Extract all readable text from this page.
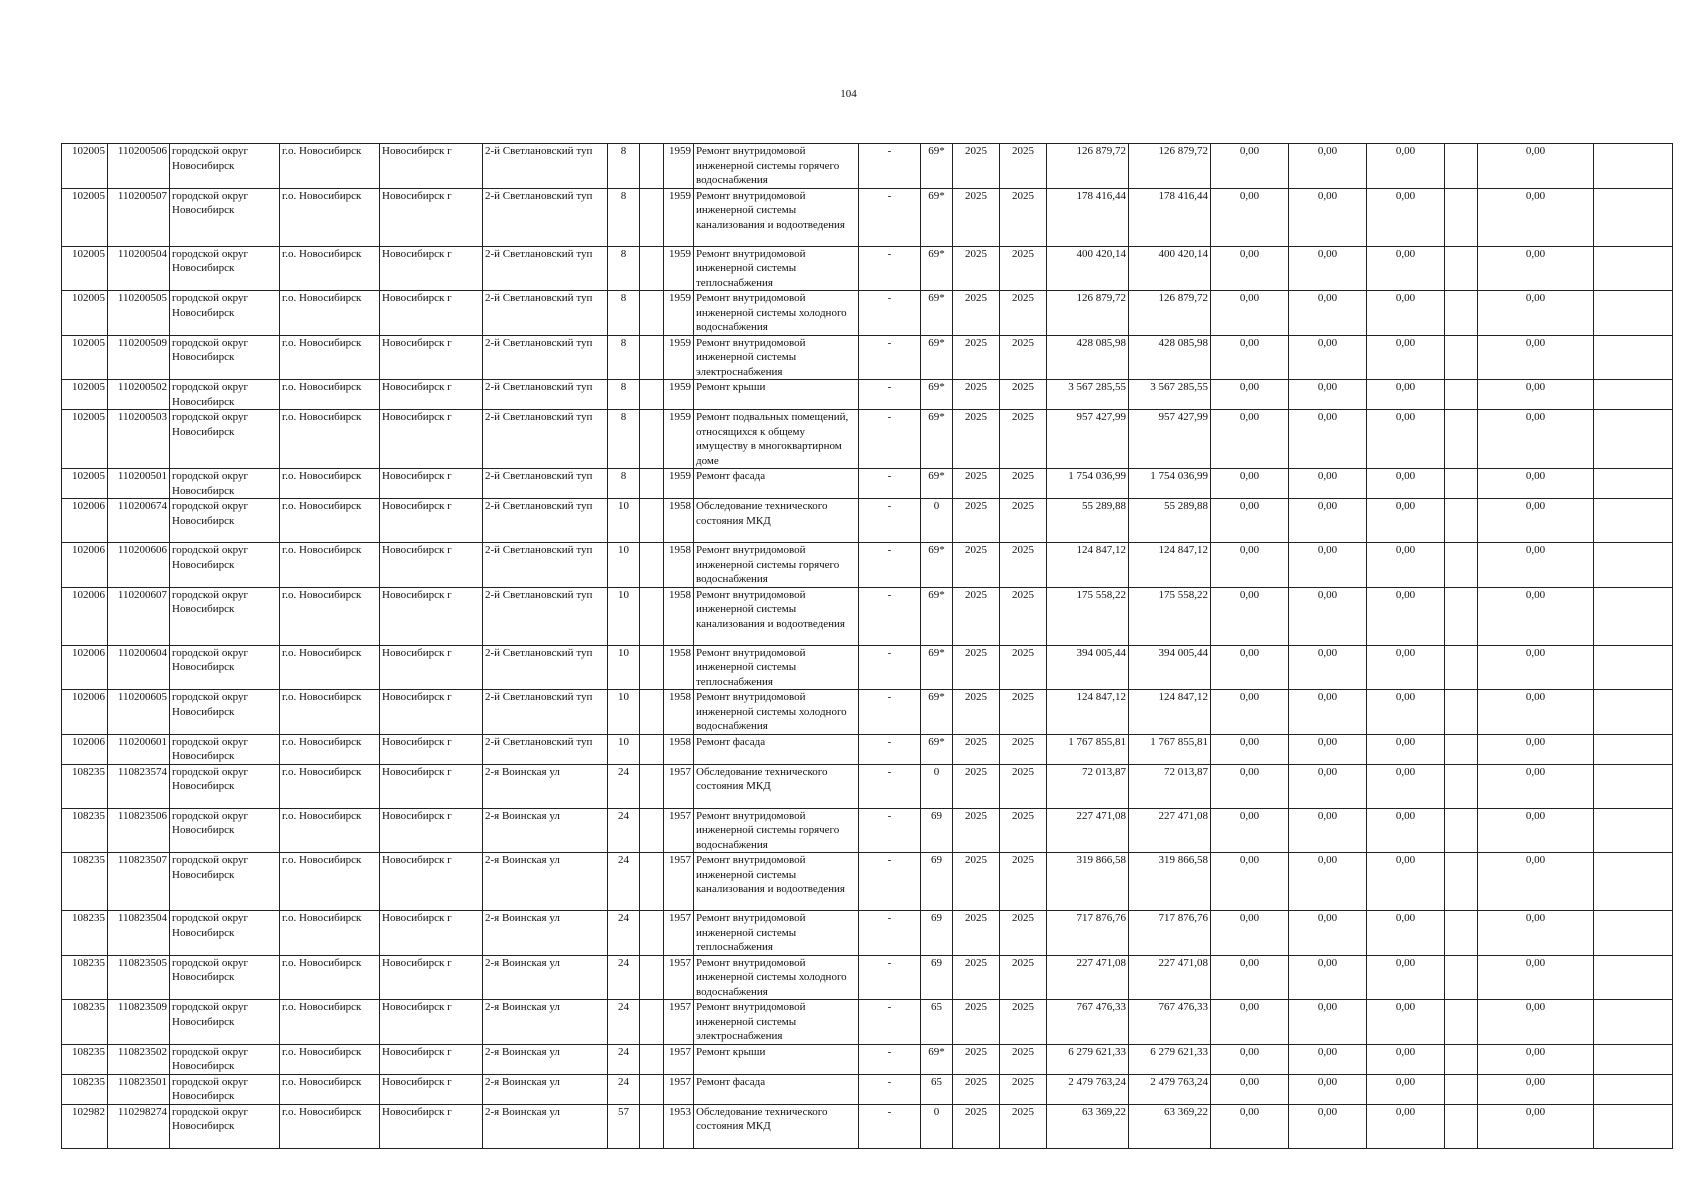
104
102005	110200506	городской округ Новосибирск	г.о. Новосибирск	Новосибирск г	2-й Светлановский туп	8		1959	Ремонт внутридомовой инженерной системы горячего водоснабжения	-	69*	2025	2025	126 879,72	126 879,72	0,00	0,00	0,00		0,00	
102005	110200507	городской округ Новосибирск	г.о. Новосибирск	Новосибирск г	2-й Светлановский туп	8		1959	Ремонт внутридомовой инженерной системы канализования и водоотведения	-	69*	2025	2025	178 416,44	178 416,44	0,00	0,00	0,00		0,00	
102005	110200504	городской округ Новосибирск	г.о. Новосибирск	Новосибирск г	2-й Светлановский туп	8		1959	Ремонт внутридомовой инженерной системы теплоснабжения	-	69*	2025	2025	400 420,14	400 420,14	0,00	0,00	0,00		0,00	
102005	110200505	городской округ Новосибирск	г.о. Новосибирск	Новосибирск г	2-й Светлановский туп	8		1959	Ремонт внутридомовой инженерной системы холодного водоснабжения	-	69*	2025	2025	126 879,72	126 879,72	0,00	0,00	0,00		0,00	
102005	110200509	городской округ Новосибирск	г.о. Новосибирск	Новосибирск г	2-й Светлановский туп	8		1959	Ремонт внутридомовой инженерной системы электроснабжения	-	69*	2025	2025	428 085,98	428 085,98	0,00	0,00	0,00		0,00	
102005	110200502	городской округ Новосибирск	г.о. Новосибирск	Новосибирск г	2-й Светлановский туп	8		1959	Ремонт крыши	-	69*	2025	2025	3 567 285,55	3 567 285,55	0,00	0,00	0,00		0,00	
102005	110200503	городской округ Новосибирск	г.о. Новосибирск	Новосибирск г	2-й Светлановский туп	8		1959	Ремонт подвальных помещений, относящихся к общему имуществу в многоквартирном доме	-	69*	2025	2025	957 427,99	957 427,99	0,00	0,00	0,00		0,00	
102005	110200501	городской округ Новосибирск	г.о. Новосибирск	Новосибирск г	2-й Светлановский туп	8		1959	Ремонт фасада	-	69*	2025	2025	1 754 036,99	1 754 036,99	0,00	0,00	0,00		0,00	
102006	110200674	городской округ Новосибирск	г.о. Новосибирск	Новосибирск г	2-й Светлановский туп	10		1958	Обследование технического состояния МКД	-	0	2025	2025	55 289,88	55 289,88	0,00	0,00	0,00		0,00	
102006	110200606	городской округ Новосибирск	г.о. Новосибирск	Новосибирск г	2-й Светлановский туп	10		1958	Ремонт внутридомовой инженерной системы горячего водоснабжения	-	69*	2025	2025	124 847,12	124 847,12	0,00	0,00	0,00		0,00	
102006	110200607	городской округ Новосибирск	г.о. Новосибирск	Новосибирск г	2-й Светлановский туп	10		1958	Ремонт внутридомовой инженерной системы канализования и водоотведения	-	69*	2025	2025	175 558,22	175 558,22	0,00	0,00	0,00		0,00	
102006	110200604	городской округ Новосибирск	г.о. Новосибирск	Новосибирск г	2-й Светлановский туп	10		1958	Ремонт внутридомовой инженерной системы теплоснабжения	-	69*	2025	2025	394 005,44	394 005,44	0,00	0,00	0,00		0,00	
102006	110200605	городской округ Новосибирск	г.о. Новосибирск	Новосибирск г	2-й Светлановский туп	10		1958	Ремонт внутридомовой инженерной системы холодного водоснабжения	-	69*	2025	2025	124 847,12	124 847,12	0,00	0,00	0,00		0,00	
102006	110200601	городской округ Новосибирск	г.о. Новосибирск	Новосибирск г	2-й Светлановский туп	10		1958	Ремонт фасада	-	69*	2025	2025	1 767 855,81	1 767 855,81	0,00	0,00	0,00		0,00	
108235	110823574	городской округ Новосибирск	г.о. Новосибирск	Новосибирск г	2-я Воинская ул	24		1957	Обследование технического состояния МКД	-	0	2025	2025	72 013,87	72 013,87	0,00	0,00	0,00		0,00	
108235	110823506	городской округ Новосибирск	г.о. Новосибирск	Новосибирск г	2-я Воинская ул	24		1957	Ремонт внутридомовой инженерной системы горячего водоснабжения	-	69	2025	2025	227 471,08	227 471,08	0,00	0,00	0,00		0,00	
108235	110823507	городской округ Новосибирск	г.о. Новосибирск	Новосибирск г	2-я Воинская ул	24		1957	Ремонт внутридомовой инженерной системы канализования и водоотведения	-	69	2025	2025	319 866,58	319 866,58	0,00	0,00	0,00		0,00	
108235	110823504	городской округ Новосибирск	г.о. Новосибирск	Новосибирск г	2-я Воинская ул	24		1957	Ремонт внутридомовой инженерной системы теплоснабжения	-	69	2025	2025	717 876,76	717 876,76	0,00	0,00	0,00		0,00	
108235	110823505	городской округ Новосибирск	г.о. Новосибирск	Новосибирск г	2-я Воинская ул	24		1957	Ремонт внутридомовой инженерной системы холодного водоснабжения	-	69	2025	2025	227 471,08	227 471,08	0,00	0,00	0,00		0,00	
108235	110823509	городской округ Новосибирск	г.о. Новосибирск	Новосибирск г	2-я Воинская ул	24		1957	Ремонт внутридомовой инженерной системы электроснабжения	-	65	2025	2025	767 476,33	767 476,33	0,00	0,00	0,00		0,00	
108235	110823502	городской округ Новосибирск	г.о. Новосибирск	Новосибирск г	2-я Воинская ул	24		1957	Ремонт крыши	-	69*	2025	2025	6 279 621,33	6 279 621,33	0,00	0,00	0,00		0,00	
108235	110823501	городской округ Новосибирск	г.о. Новосибирск	Новосибирск г	2-я Воинская ул	24		1957	Ремонт фасада	-	65	2025	2025	2 479 763,24	2 479 763,24	0,00	0,00	0,00		0,00	
102982	110298274	городской округ Новосибирск	г.о. Новосибирск	Новосибирск г	2-я Воинская ул	57		1953	Обследование технического состояния МКД	-	0	2025	2025	63 369,22	63 369,22	0,00	0,00	0,00		0,00	
